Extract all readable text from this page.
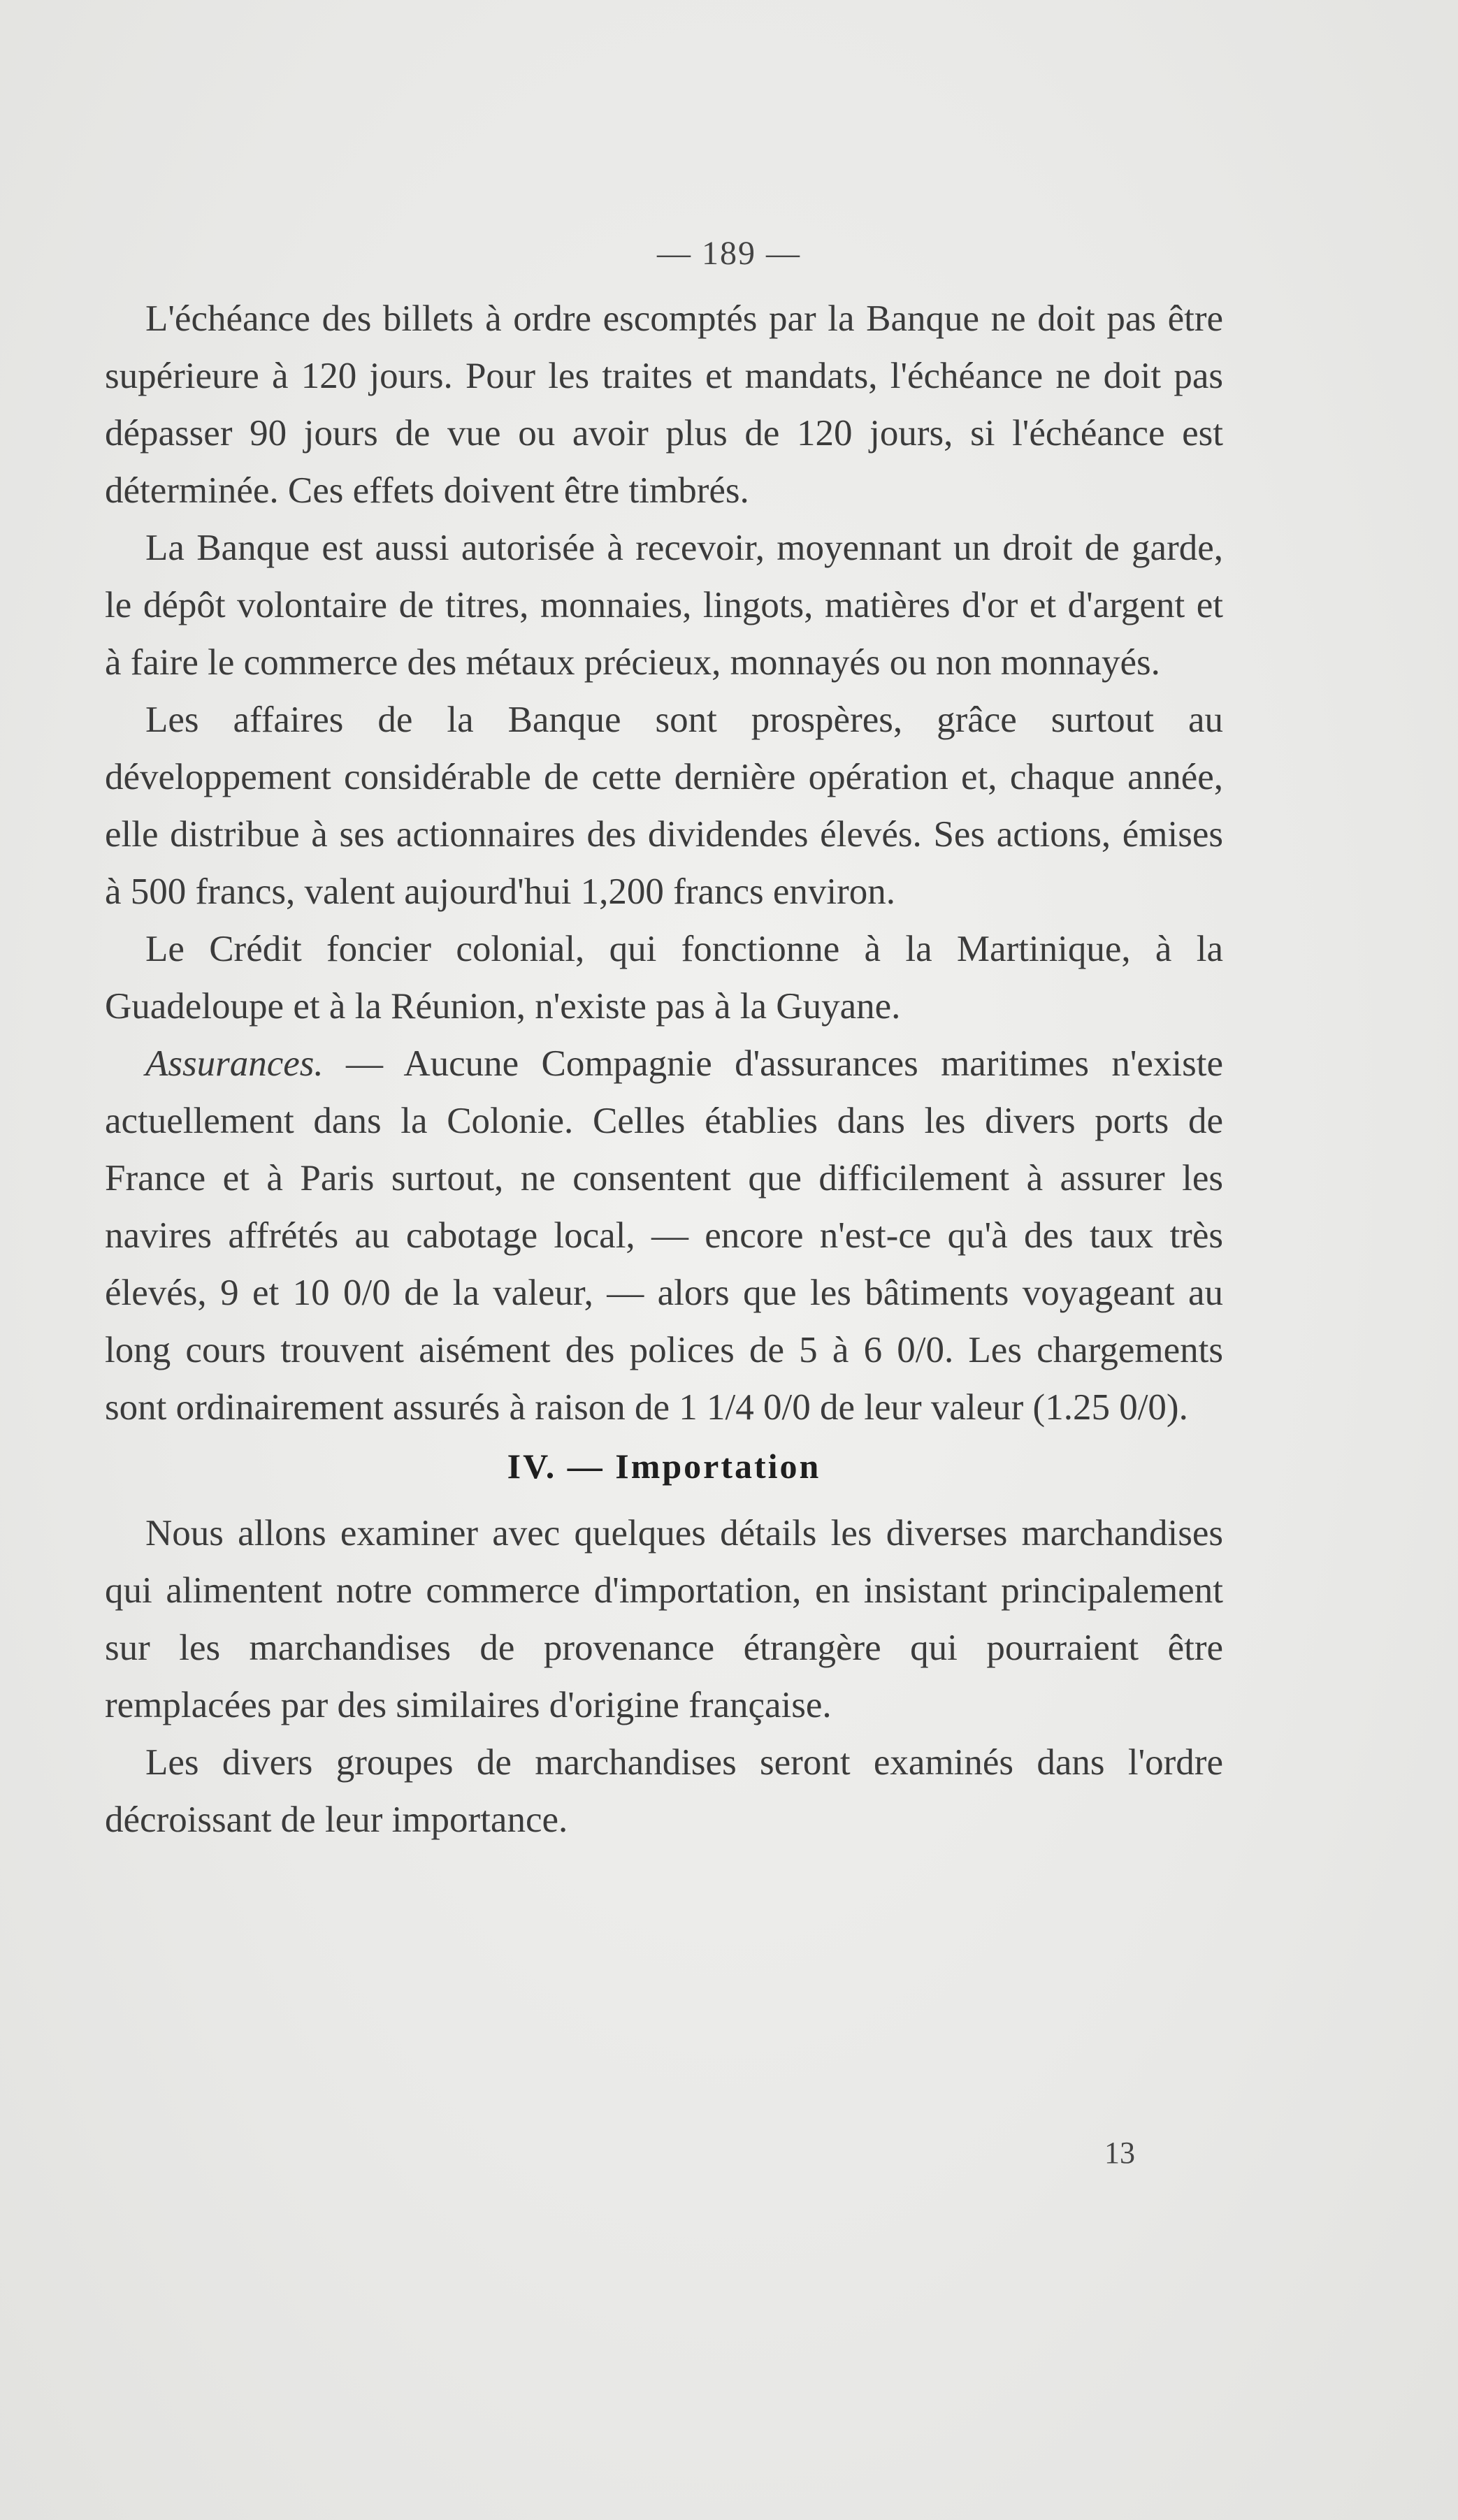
— 189 —

L'échéance des billets à ordre escomptés par la Banque ne doit pas être supérieure à 120 jours. Pour les traites et mandats, l'échéance ne doit pas dépasser 90 jours de vue ou avoir plus de 120 jours, si l'échéance est déterminée. Ces effets doivent être timbrés.

La Banque est aussi autorisée à recevoir, moyennant un droit de garde, le dépôt volontaire de titres, monnaies, lingots, matières d'or et d'argent et à faire le commerce des métaux précieux, monnayés ou non monnayés.

Les affaires de la Banque sont prospères, grâce surtout au développement considérable de cette dernière opération et, chaque année, elle distribue à ses actionnaires des dividendes élevés. Ses actions, émises à 500 francs, valent aujourd'hui 1,200 francs environ.

Le Crédit foncier colonial, qui fonctionne à la Martinique, à la Guadeloupe et à la Réunion, n'existe pas à la Guyane.

Assurances. — Aucune Compagnie d'assurances maritimes n'existe actuellement dans la Colonie. Celles établies dans les divers ports de France et à Paris surtout, ne consentent que difficilement à assurer les navires affrétés au cabotage local, — encore n'est-ce qu'à des taux très élevés, 9 et 10 0/0 de la valeur, — alors que les bâtiments voyageant au long cours trouvent aisément des polices de 5 à 6 0/0. Les chargements sont ordinairement assurés à raison de 1 1/4 0/0 de leur valeur (1.25 0/0).

IV. — Importation

Nous allons examiner avec quelques détails les diverses marchandises qui alimentent notre commerce d'importation, en insistant principalement sur les marchandises de provenance étrangère qui pourraient être remplacées par des similaires d'origine française.

Les divers groupes de marchandises seront examinés dans l'ordre décroissant de leur importance.

13
